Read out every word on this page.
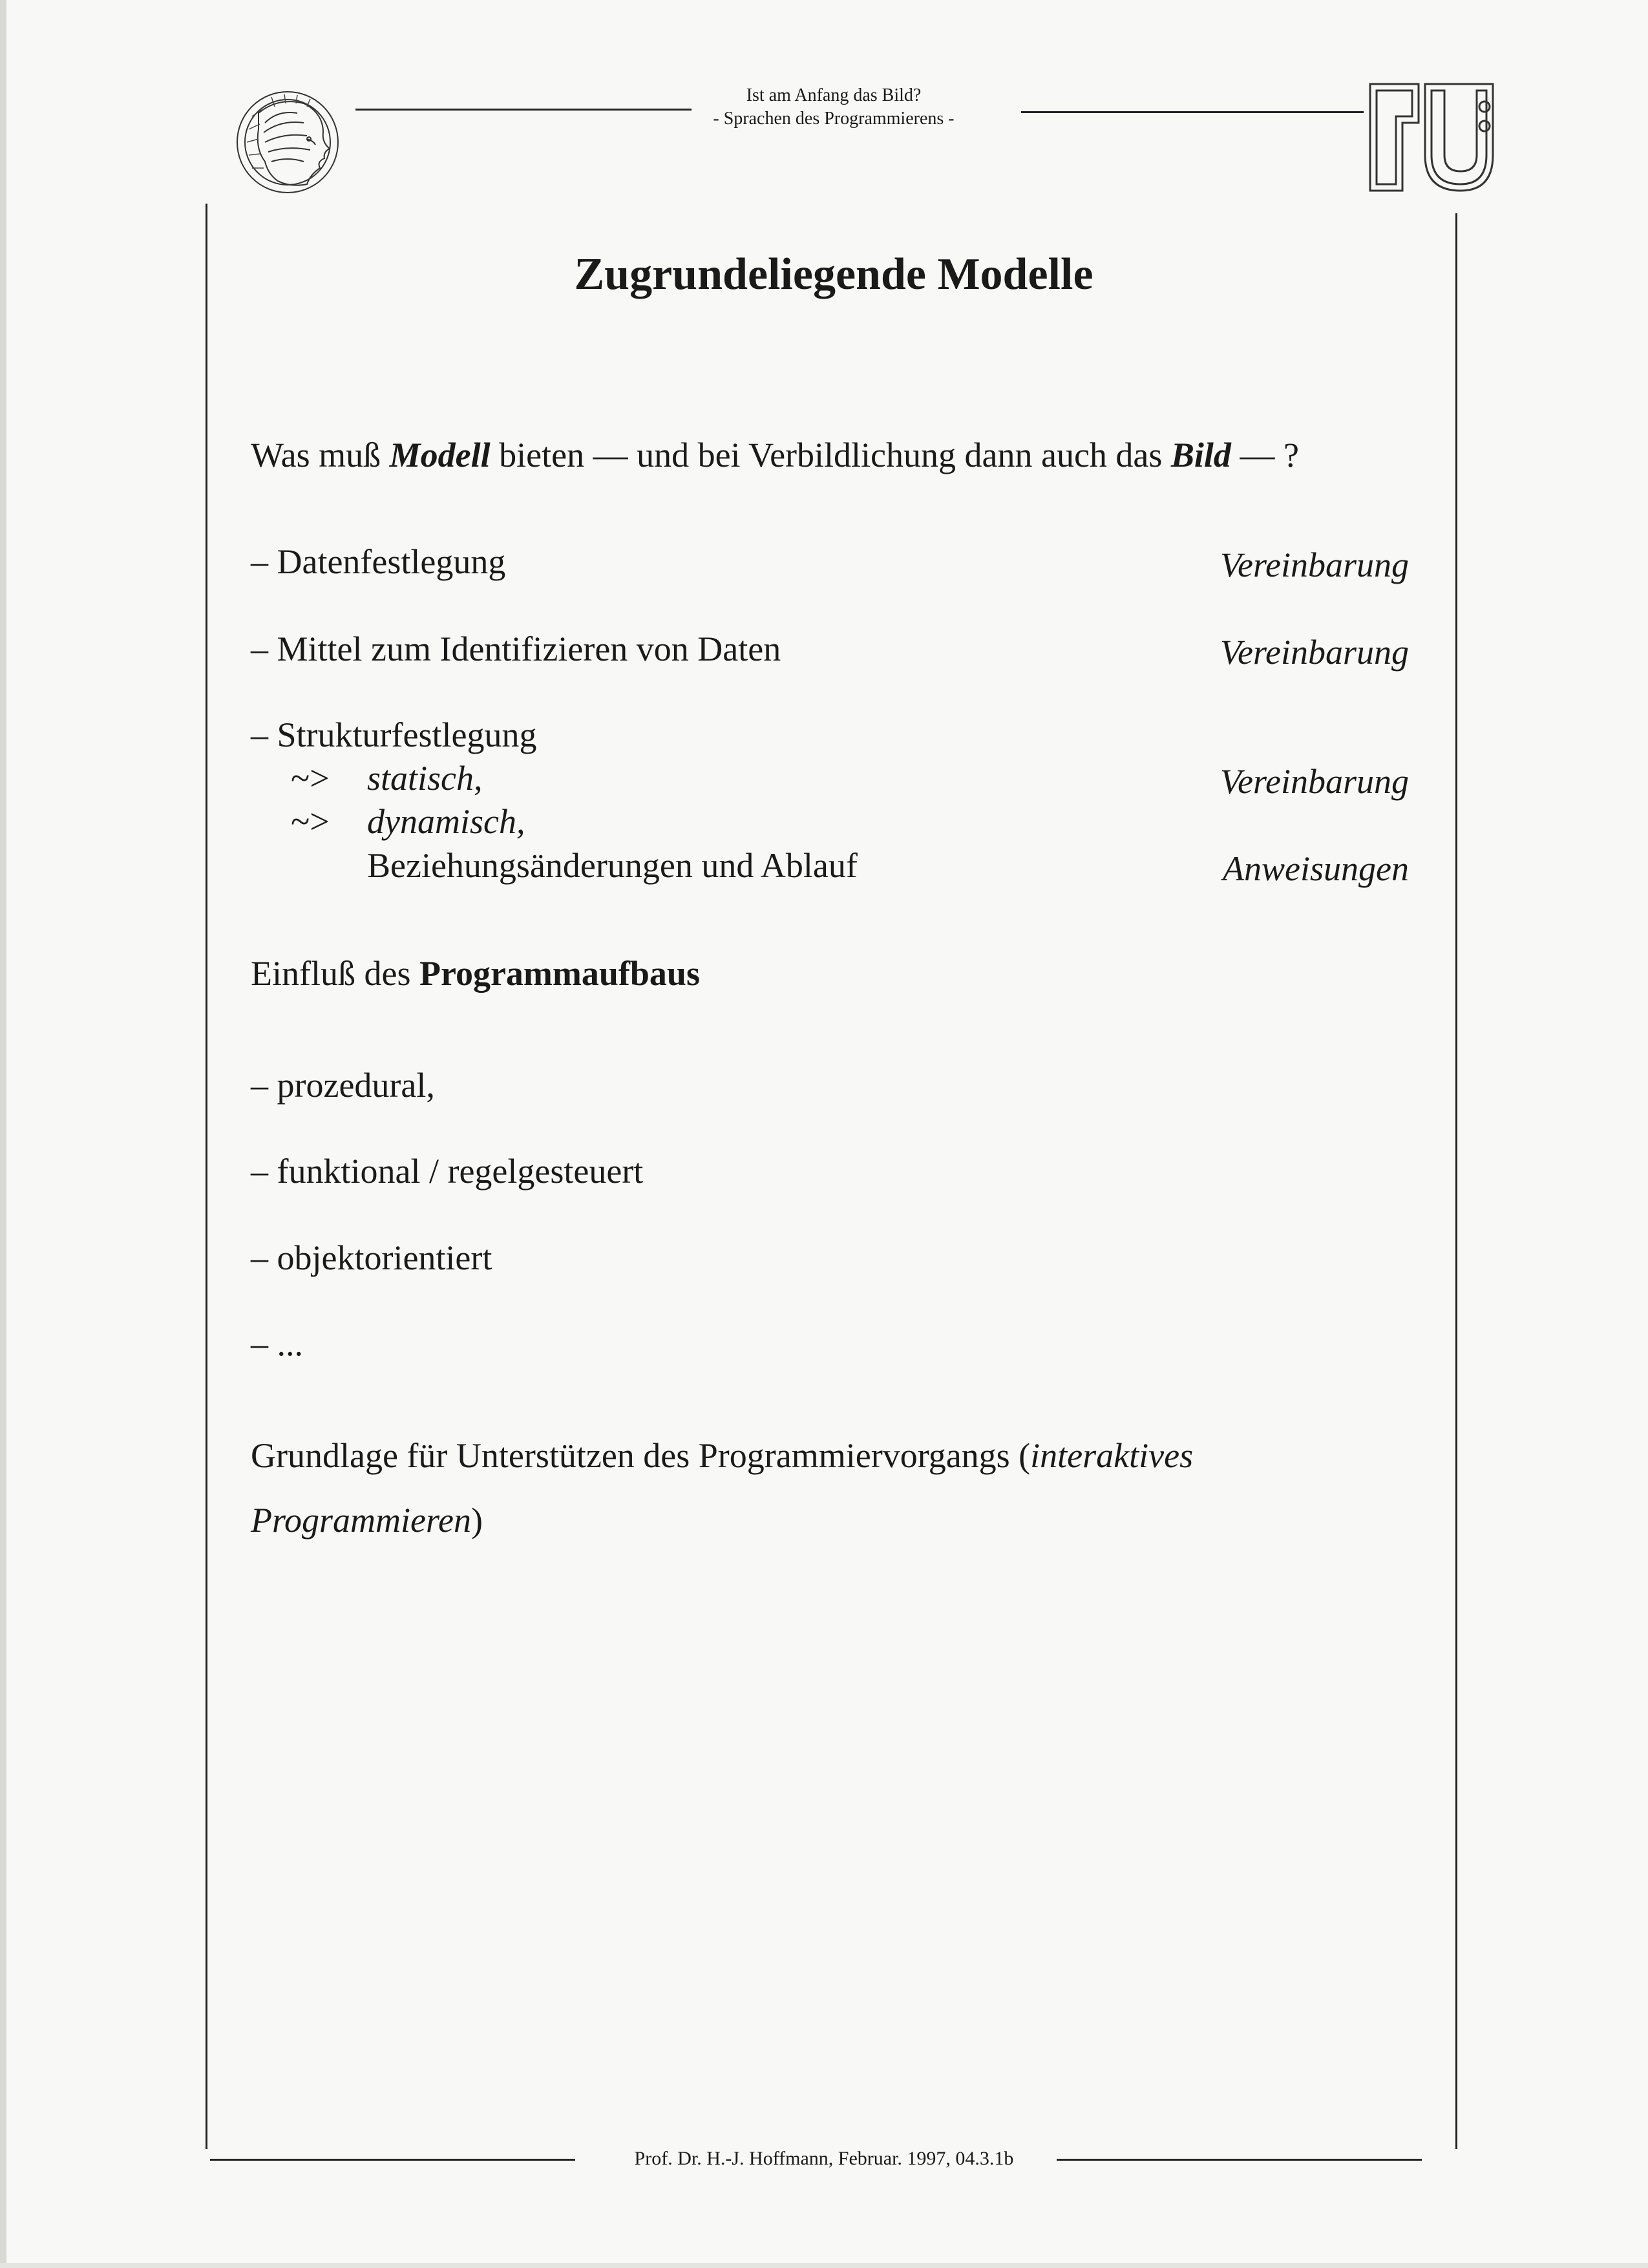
Ist am Anfang das Bild?
- Sprachen des Programmierens -
Zugrundeliegende Modelle
Was muß Modell bieten — und bei Verbildlichung dann auch das Bild — ?
– Datenfestlegung	Vereinbarung
– Mittel zum Identifizieren von Daten	Vereinbarung
– Strukturfestlegung
~> statisch,	Vereinbarung
~> dynamisch,
Beziehungsänderungen und Ablauf	Anweisungen
Einfluß des Programmaufbaus
– prozedural,
– funktional / regelgesteuert
– objektorientiert
– ...
Grundlage für Unterstützen des Programmiervorgangs (interaktives
Programmieren)
Prof. Dr. H.-J. Hoffmann, Februar. 1997, 04.3.1b
